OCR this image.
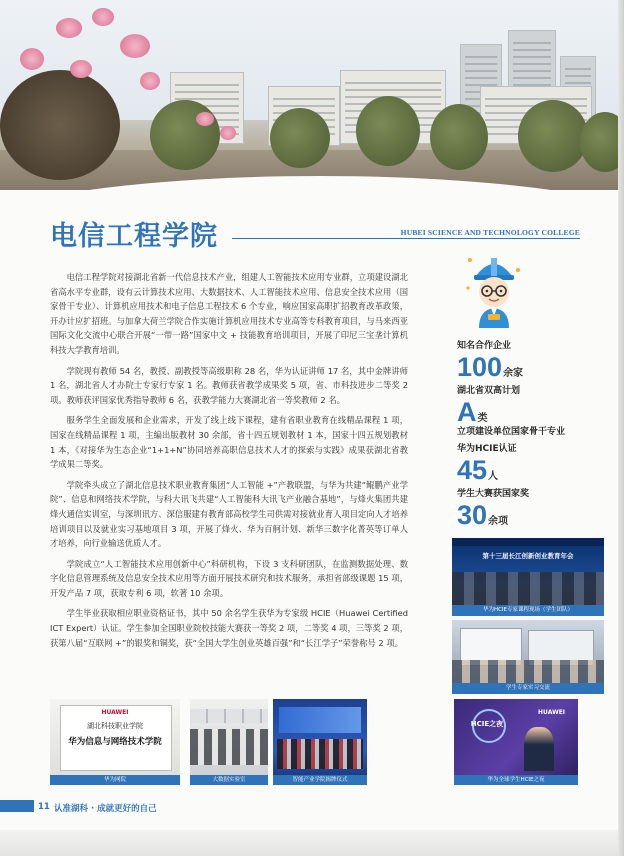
电信工程学院	HUBEI SCIENCE AND TECHNOLOGY COLLEGE

电信工程学院对接湖北省新一代信息技术产业，组建人工智能技术应用专业群，立项建设湖北省高水平专业群，设有云计算技术应用、大数据技术、人工智能技术应用、信息安全技术应用（国家骨干专业）、计算机应用技术和电子信息工程技术 6 个专业，响应国家高职扩招教育改革政策，开办计应扩招班。与加拿大荷兰学院合作实施计算机应用技术专业高等专科教育项目，与马来西亚国际文化交流中心联合开展“一带一路”国家中文 + 技能教育培训项目，开展了印尼三宝垄计算机科技大学教育培训。

学院现有教师 54 名，教授、副教授等高级职称 28 名，华为认证讲师 17 名，其中金牌讲师 1 名，湖北省人才办院士专家行专家 1 名。教师获省教学成果奖 5 项，省、市科技进步二等奖 2 项。教师获评国家优秀指导教师 6 名，获教学能力大赛湖北省一等奖教师 2 名。

服务学生全面发展和企业需求，开发了线上线下课程，建有省职业教育在线精品课程 1 项，国家在线精品课程 1 项，主编出版教材 30 余部，省十四五规划教材 1 本，国家十四五规划教材 1 本，《对接华为生态企业“1+1+N”协同培养高职信息技术人才的探索与实践》成果获湖北省教学成果二等奖。

学院牵头成立了湖北信息技术职业教育集团“人工智能 +”产教联盟，与华为共建“鲲鹏产业学院”、信息和网络技术学院，与科大讯飞共建“人工智能科大讯飞产业融合基地”，与烽火集团共建烽火通信实训室，与深圳讯方、深信服建有教育部高校学生司供需对接就业育人项目定向人才培养培训项目以及就业实习基地项目 3 项，开展了烽火、华为百舸计划、新华三数字化菁英等订单人才培养，向行业输送优质人才。

学院成立“人工智能技术应用创新中心”科研机构，下设 3 支科研团队，在监测数据处理、数字化信息管理系统及信息安全技术应用等方面开展技术研究和技术服务，承担省部级课题 15 项，开发产品 7 项，获取专利 6 项，软著 10 余项。

学生毕业获取相应职业资格证书，其中 50 余名学生获华为专家级 HCIE（Huawei Certified ICT Expert）认证。学生参加全国职业院校技能大赛获一等奖 2 项，二等奖 4 项，三等奖 2 项，获第八届“互联网 +”的银奖和铜奖，获“全国大学生创业英雄百强”和“长江学子”荣誉称号 2 项。

知名合作企业
100余家
湖北省双高计划
A类
立项建设单位国家骨干专业
华为HCIE认证
45人
学生大赛获国家奖
30余项
第十三届长江创新创业教育年会
华为HCIE专家课程现场（学生团队）
学生专家实习交流
HUAWEI
湖北科技职业学院
华为信息与网络技术学院
华为网院	大数据实验室	智能产业学院揭牌仪式
HUAWEI
HCIE之夜
华为全球学生HCIE之夜
11 认准湖科 · 成就更好的自己
